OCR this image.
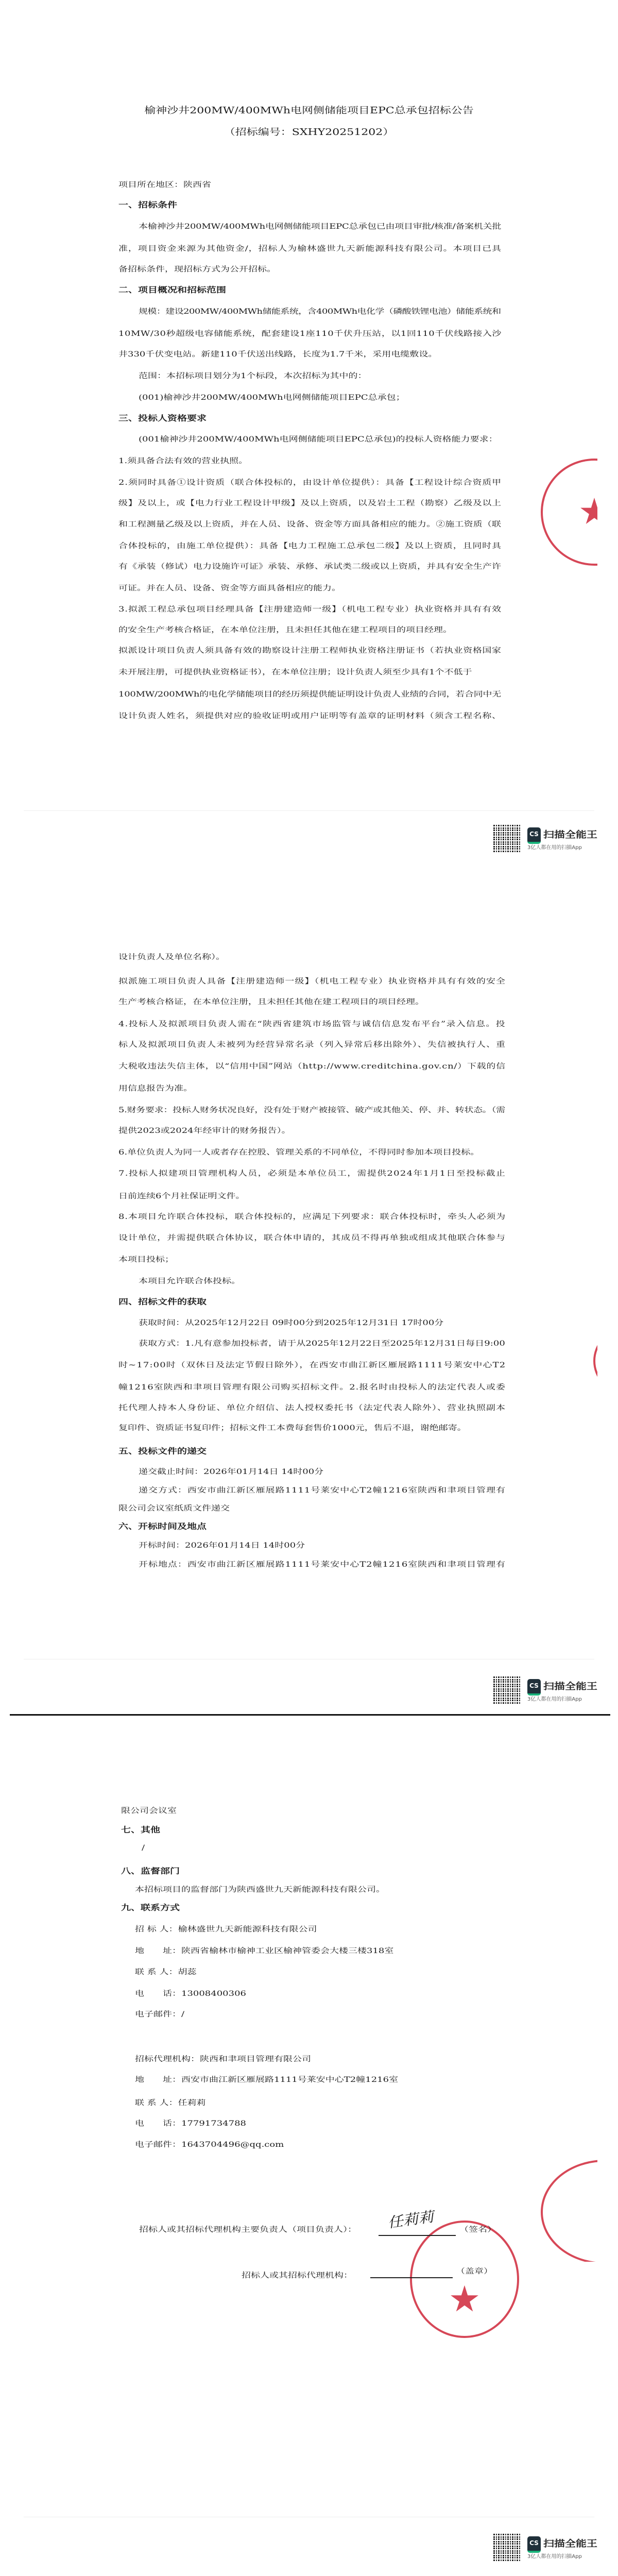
榆神沙井200MW/400MWh电网侧储能项目EPC总承包招标公告
（招标编号：SXHY20251202）
项目所在地区：陕西省
一、招标条件
本榆神沙井200MW/400MWh电网侧储能项目EPC总承包已由项目审批/核准/备案机关批
准，项目资金来源为其他资金/，招标人为榆林盛世九天新能源科技有限公司。本项目已具
备招标条件，现招标方式为公开招标。
二、项目概况和招标范围
规模：建设200MW/400MWh储能系统，含400MWh电化学（磷酸铁锂电池）储能系统和
10MW/30秒超级电容储能系统，配套建设1座110千伏升压站，以1回110千伏线路接入沙
井330千伏变电站。新建110千伏送出线路，长度为1.7千米，采用电缆敷设。
范围：本招标项目划分为1个标段，本次招标为其中的：
(001)榆神沙井200MW/400MWh电网侧储能项目EPC总承包；
三、投标人资格要求
(001榆神沙井200MW/400MWh电网侧储能项目EPC总承包)的投标人资格能力要求：
1.须具备合法有效的营业执照。
2.须同时具备①设计资质（联合体投标的，由设计单位提供）：具备【工程设计综合资质甲
级】及以上，或【电力行业工程设计甲级】及以上资质，以及岩土工程（勘察）乙级及以上
和工程测量乙级及以上资质，并在人员、设备、资金等方面具备相应的能力。②施工资质（联
合体投标的，由施工单位提供）：具备【电力工程施工总承包二级】及以上资质，且同时具
有《承装（修试）电力设施许可证》承装、承修、承试类二级或以上资质，并具有安全生产许
可证。并在人员、设备、资金等方面具备相应的能力。
3.拟派工程总承包项目经理具备【注册建造师一级】（机电工程专业）执业资格并具有有效
的安全生产考核合格证，在本单位注册，且未担任其他在建工程项目的项目经理。
拟派设计项目负责人须具备有效的勘察设计注册工程师执业资格注册证书（若执业资格国家
未开展注册，可提供执业资格证书），在本单位注册；设计负责人须至少具有1个不低于
100MW/200MWh的电化学储能项目的经历须提供能证明设计负责人业绩的合同，若合同中无
设计负责人姓名，须提供对应的验收证明或用户证明等有盖章的证明材料（须含工程名称、
设计负责人及单位名称）。
拟派施工项目负责人具备【注册建造师一级】（机电工程专业）执业资格并具有有效的安全
生产考核合格证，在本单位注册，且未担任其他在建工程项目的项目经理。
4.投标人及拟派项目负责人需在“陕西省建筑市场监管与诚信信息发布平台”录入信息。投
标人及拟派项目负责人未被列为经营异常名录（列入异常后移出除外）、失信被执行人、重
大税收违法失信主体，以“信用中国”网站（http://www.creditchina.gov.cn/）下载的信
用信息报告为准。
5.财务要求：投标人财务状况良好，没有处于财产被接管、破产或其他关、停、并、转状态。（需
提供2023或2024年经审计的财务报告）。
6.单位负责人为同一人或者存在控股、管理关系的不同单位，不得同时参加本项目投标。
7.投标人拟建项目管理机构人员，必须是本单位员工，需提供2024年1月1日至投标截止
日前连续6个月社保证明文件。
8.本项目允许联合体投标，联合体投标的，应满足下列要求：联合体投标时，牵头人必须为
设计单位，并需提供联合体协议，联合体申请的，其成员不得再单独或组成其他联合体参与
本项目投标；
本项目允许联合体投标。
四、招标文件的获取
获取时间：从2025年12月22日 09时00分到2025年12月31日 17时00分
获取方式：1.凡有意参加投标者，请于从2025年12月22日至2025年12月31日每日9:00
时~17:00时（双休日及法定节假日除外），在西安市曲江新区雁展路1111号莱安中心T2
幢1216室陕西和聿项目管理有限公司购买招标文件。2.报名时由投标人的法定代表人或委
托代理人持本人身份证、单位介绍信、法人授权委托书（法定代表人除外）、营业执照副本
复印件、资质证书复印件；招标文件工本费每套售价1000元，售后不退，谢绝邮寄。
五、投标文件的递交
递交截止时间：2026年01月14日 14时00分
递交方式：西安市曲江新区雁展路1111号莱安中心T2幢1216室陕西和聿项目管理有
限公司会议室纸质文件递交
六、开标时间及地点
开标时间：2026年01月14日 14时00分
开标地点：西安市曲江新区雁展路1111号莱安中心T2幢1216室陕西和聿项目管理有
限公司会议室
七、其他
/
八、监督部门
本招标项目的监督部门为陕西盛世九天新能源科技有限公司。
九、联系方式
招 标 人：榆林盛世九天新能源科技有限公司
地　　址：陕西省榆林市榆神工业区榆神管委会大楼三楼318室
联 系 人：胡蕊
电　　话：13008400306
电子邮件：/
招标代理机构：陕西和聿项目管理有限公司
地　　址：西安市曲江新区雁展路1111号莱安中心T2幢1216室
联 系 人：任莉莉
电　　话：17791734788
电子邮件：1643704496@qq.com
CS 扫描全能王
3亿人都在用的扫描App
CS 扫描全能王
3亿人都在用的扫描App
CS 扫描全能王
3亿人都在用的扫描App
招标人或其招标代理机构主要负责人（项目负责人）： 任莉莉	（签名）
招标人或其招标代理机构：	（盖章）
